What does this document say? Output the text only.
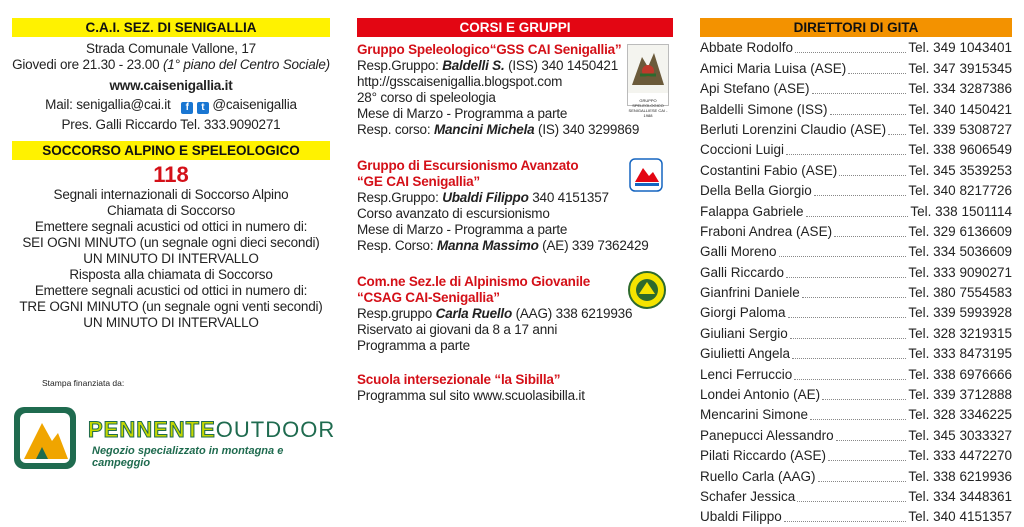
C.A.I. SEZ. DI SENIGALLIA
Strada Comunale Vallone, 17
Giovedi ore 21.30 - 23.00 (1° piano del Centro Sociale)
www.caisenigallia.it
Mail: senigallia@cai.it f t @caisenigallia
Pres. Galli Riccardo Tel. 333.9090271
SOCCORSO ALPINO E SPELEOLOGICO
118
Segnali internazionali di Soccorso Alpino
Chiamata di Soccorso
Emettere segnali acustici od ottici in numero di:
SEI OGNI MINUTO (un segnale ogni dieci secondi)
UN MINUTO DI INTERVALLO
Risposta alla chiamata di Soccorso
Emettere segnali acustici od ottici in numero di:
TRE OGNI MINUTO (un segnale ogni venti secondi)
UN MINUTO DI INTERVALLO
Stampa finanziata da:
PENNENTEOUTDOOR
Negozio specializzato in montagna e campeggio
CORSI E GRUPPI
Gruppo Speleologico“GSS CAI Senigallia”
Resp.Gruppo: Baldelli S. (ISS) 340 1450421
http://gsscaisenigallia.blogspot.com
28° corso di speleologia
Mese di Marzo - Programma a parte
Resp. corso: Mancini Michela (IS) 340 3299869
GRUPPO SPELEOLOGICO SENIGALLIESE CAI - 1988
Gruppo di Escursionismo Avanzato
“GE CAI Senigallia”
Resp.Gruppo: Ubaldi Filippo 340 4151357
Corso avanzato di escursionismo
Mese di Marzo - Programma a parte
Resp. Corso: Manna Massimo (AE) 339 7362429
Com.ne Sez.le di Alpinismo Giovanile
“CSAG CAI-Senigallia”
Resp.gruppo Carla Ruello (AAG) 338 6219936
Riservato ai giovani da 8 a 17 anni
Programma a parte
Scuola intersezionale “la Sibilla”
Programma sul sito www.scuolasibilla.it
DIRETTORI DI GITA
Abbate Rodolfo	Tel. 349 1043401
Amici Maria Luisa (ASE)	Tel. 347 3915345
Api Stefano (ASE)	Tel. 334 3287386
Baldelli Simone (ISS)	Tel. 340 1450421
Berluti Lorenzini Claudio (ASE) Tel. 339 5308727
Coccioni Luigi	Tel. 338 9606549
Costantini Fabio (ASE)	Tel. 345 3539253
Della Bella Giorgio	Tel. 340 8217726
Falappa Gabriele	Tel. 338 1501114
Fraboni Andrea (ASE)	Tel. 329 6136609
Galli Moreno	Tel. 334 5036609
Galli Riccardo	Tel. 333 9090271
Gianfrini Daniele	Tel. 380 7554583
Giorgi Paloma	Tel. 339 5993928
Giuliani Sergio	Tel. 328 3219315
Giulietti Angela	Tel. 333 8473195
Lenci Ferruccio	Tel. 338 6976666
Londei Antonio (AE)	Tel. 339 3712888
Mencarini Simone	Tel. 328 3346225
Panepucci Alessandro	Tel. 345 3033327
Pilati Riccardo (ASE)	Tel. 333 4472270
Ruello Carla (AAG)	Tel. 338 6219936
Schafer Jessica	Tel. 334 3448361
Ubaldi Filippo	Tel. 340 4151357
